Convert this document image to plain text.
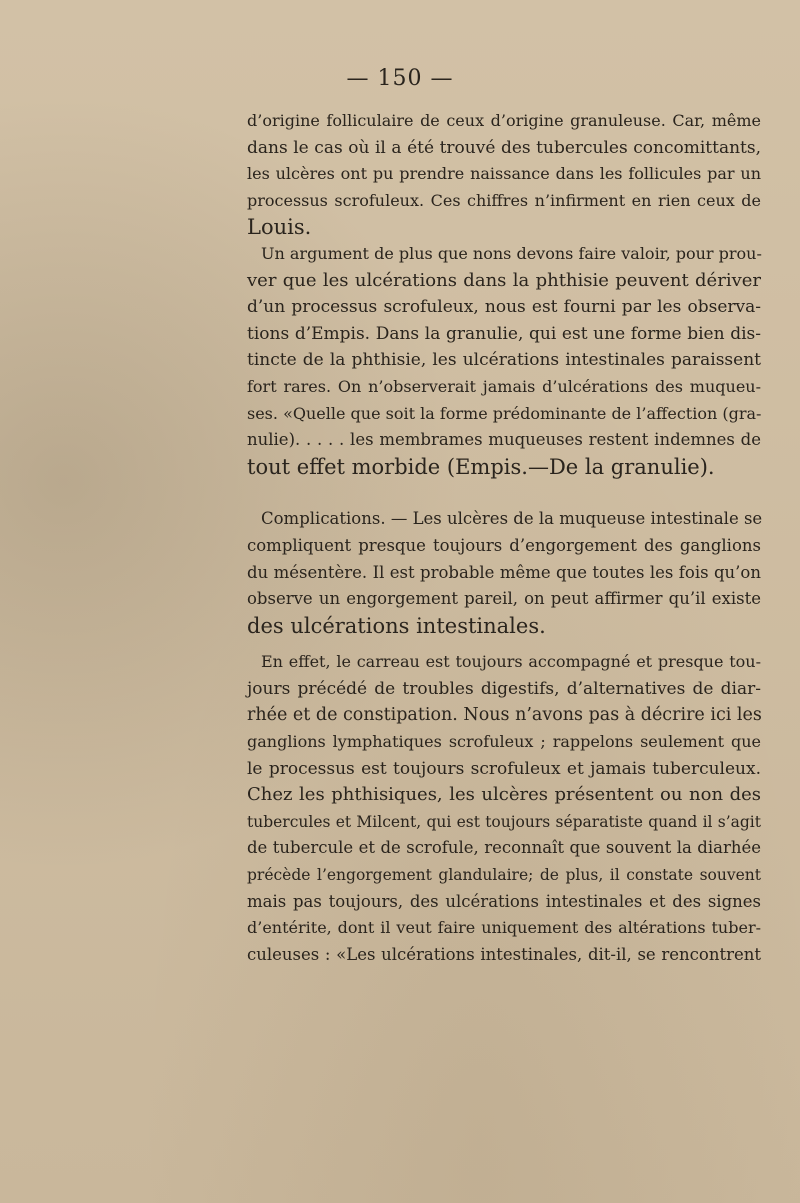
— 150 —
d’origine folliculaire de ceux d’origine granuleuse. Car, même
dans le cas où il a été trouvé des tubercules concomittants,
les ulcères ont pu prendre naissance dans les follicules par un
processus scrofuleux. Ces chiffres n’infirment en rien ceux de
Louis.
Un argument de plus que nons devons faire valoir, pour prou-
ver que les ulcérations dans la phthisie peuvent dériver
d’un processus scrofuleux, nous est fourni par les observa-
tions d’Empis. Dans la granulie, qui est une forme bien dis-
tincte de la phthisie, les ulcérations intestinales paraissent
fort rares. On n’observerait jamais d’ulcérations des muqueu-
ses. «Quelle que soit la forme prédominante de l’affection (gra-
nulie). . . . . les membrames muqueuses restent indemnes de
tout effet morbide (Empis.—De la granulie).
Complications. — Les ulcères de la muqueuse intestinale se
compliquent presque toujours d’engorgement des ganglions
du mésentère. Il est probable même que toutes les fois qu’on
observe un engorgement pareil, on peut affirmer qu’il existe
des ulcérations intestinales.
En effet, le carreau est toujours accompagné et presque tou-
jours précédé de troubles digestifs, d’alternatives de diar-
rhée et de constipation. Nous n’avons pas à décrire ici les
ganglions lymphatiques scrofuleux ; rappelons seulement que
le processus est toujours scrofuleux et jamais tuberculeux.
Chez les phthisiques, les ulcères présentent ou non des
tubercules et Milcent, qui est toujours séparatiste quand il s’agit
de tubercule et de scrofule, reconnaît que souvent la diarhée
précède l’engorgement glandulaire; de plus, il constate souvent
mais pas toujours, des ulcérations intestinales et des signes
d’entérite, dont il veut faire uniquement des altérations tuber-
culeuses : «Les ulcérations intestinales, dit-il, se rencontrent
